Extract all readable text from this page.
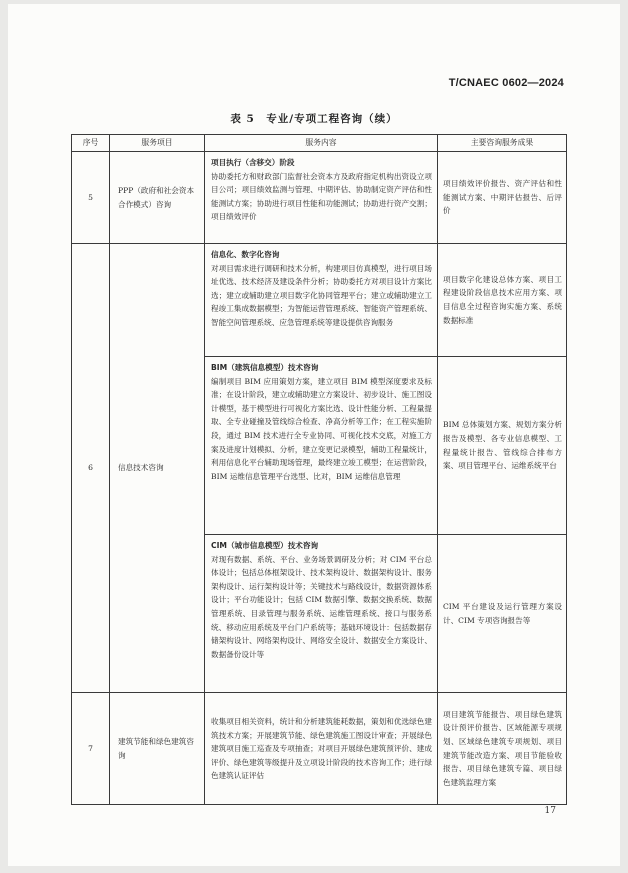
T/CNAEC 0602—2024
表 5　专业/专项工程咨询（续）
序号	服务项目	服务内容	主要咨询服务成果
5	PPP（政府和社会资本合作模式）咨询	项目执行（含移交）阶段
协助委托方和财政部门监督社会资本方及政府指定机构出资设立项目公司；项目绩效监测与管理、中期评估、协助制定资产评估和性能测试方案；协助进行项目性能和功能测试；协助进行资产交割；项目绩效评价	项目绩效评价报告、资产评估和性能测试方案、中期评估报告、后评价
6	信息技术咨询	信息化、数字化咨询
对项目需求进行调研和技术分析，构建项目仿真模型，进行项目场址优选、技术经济及建设条件分析；协助委托方对项目设计方案比选；建立或辅助建立项目数字化协同管理平台；建立或辅助建立工程竣工集成数据模型；为智能运营管理系统、智能资产管理系统、智能空间管理系统、应急管理系统等建设提供咨询服务	项目数字化建设总体方案、项目工程建设阶段信息技术应用方案、项目信息全过程咨询实施方案、系统数据标准

		BIM（建筑信息模型）技术咨询
编制项目 BIM 应用策划方案，建立项目 BIM 模型深度要求及标准；在设计阶段，建立或辅助建立方案设计、初步设计、施工图设计模型，基于模型进行可视化方案比选、设计性能分析、工程量提取、全专业碰撞及管线综合检查、净高分析等工作；在工程实施阶段，通过 BIM 技术进行全专业协同、可视化技术交底，对施工方案及进度计划模拟、分析，建立变更记录模型，辅助工程量统计，利用信息化平台辅助现场管理，最终建立竣工模型；在运营阶段，BIM 运维信息管理平台选型、比对，BIM 运维信息管理	BIM 总体策划方案、规划方案分析报告及模型、各专业信息模型、工程量统计报告、管线综合排布方案、项目管理平台、运维系统平台

		CIM（城市信息模型）技术咨询
对现有数据、系统、平台、业务场景调研及分析；对 CIM 平台总体设计；包括总体框架设计、技术架构设计、数据架构设计、服务架构设计、运行架构设计等；关键技术与路线设计，数据资源体系设计；平台功能设计；包括 CIM 数据引擎、数据交换系统、数据管理系统、目录管理与服务系统、运维管理系统、接口与服务系统、移动应用系统及平台门户系统等；基础环境设计：包括数据存储架构设计、网络架构设计、网络安全设计、数据安全方案设计、数据备份设计等	CIM 平台建设及运行管理方案设计、CIM 专项咨询报告等
7	建筑节能和绿色建筑咨询	收集项目相关资料，统计和分析建筑能耗数据，策划和优选绿色建筑技术方案；开展建筑节能、绿色建筑施工图设计审查；开展绿色建筑项目施工巡查及专项抽查；对项目开展绿色建筑预评价、建成评价、绿色建筑等级提升及立项设计阶段的技术咨询工作；进行绿色建筑认证评估	项目建筑节能报告、项目绿色建筑设计预评价报告、区域能源专项规划、区域绿色建筑专项规划、项目建筑节能改造方案、项目节能验收报告、项目绿色建筑专篇、项目绿色建筑监理方案
17
